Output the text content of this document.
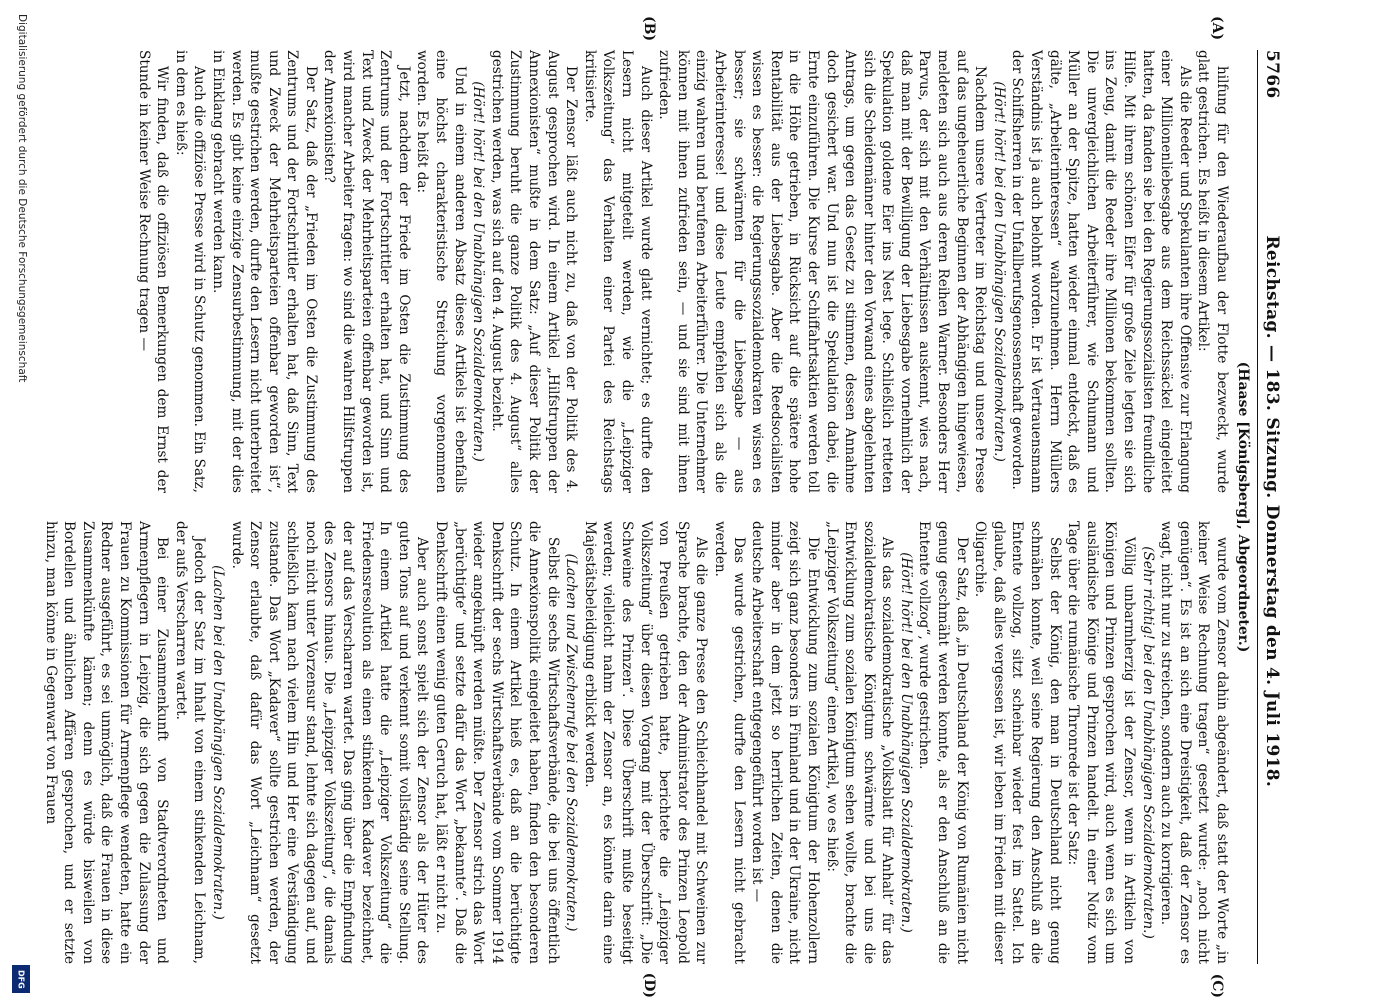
5766
Reichstag. — 183. Sitzung. Donnerstag den 4. Juli 1918.
(Haase [Königsberg], Abgeordneter.)
(A)
(B)
(C)
(D)

hilfung für den Wiederaufbau der Flotte bezweckt, wurde glatt gestrichen. Es heißt in diesem Artikel:

Als die Reeder und Spekulanten ihre Offensive zur Erlangung einer Millionenliebesgabe aus dem Reichssäckel eingeleitet hatten, da fanden sie bei den Regierungssozialisten freundliche Hilfe. Mit ihrem schönen Eifer für große Ziele legten sie sich ins Zeug, damit die Reeder ihre Millionen bekommen sollten. Die unvergleichlichen Arbeiterführer, wie Schumann und Müller an der Spitze, hatten wieder einmal entdeckt, daß es gälte, „Arbeiterinteressen“ wahrzunehmen. Herrn Müllers Verständnis ist ja auch belohnt worden. Er ist Vertrauensmann der Schiffsherren in der Unfallberufsgenossenschaft geworden.

(Hört! hört! bei den Unabhängigen Sozialdemokraten.)

Nachdem unsere Vertreter im Reichstag und unsere Presse auf das ungeheuerliche Beginnen der Abhängigen hingewiesen, meldeten sich auch aus deren Reihen Warner. Besonders Herr Parvus, der sich mit den Verhältnissen auskennt, wies nach, daß man mit der Bewilligung der Liebesgabe vornehmlich der Spekulation goldene Eier ins Nest lege. Schließlich retteten sich die Scheidemänner hinter den Vorwand eines abgelehnten Antrags, um gegen das Gesetz zu stimmen, dessen Annahme doch gesichert war. Und nun ist die Spekulation dabei, die Ernte einzuführen. Die Kurse der Schiffahrtsaktien werden toll in die Höhe getrieben, in Rücksicht auf die spätere hohe Rentabilität aus der Liebesgabe. Aber die Reedsocialisten wissen es besser: die Regierungssozialdemokraten wissen es besser; sie schwärmten für die Liebesgabe — aus Arbeiterinteresse! und diese Leute empfehlen sich als die einzig wahren und berufenen Arbeiterführer. Die Unternehmer können mit ihnen zufrieden sein, — und sie sind mit ihnen zufrieden.

Auch dieser Artikel wurde glatt vernichtet; es durfte den Lesern nicht mitgeteilt werden, wie die „Leipziger Volkszeitung“ das Verhalten einer Partei des Reichstags kritisierte.

Der Zensor läßt auch nicht zu, daß von der Politik des 4. August gesprochen wird. In einem Artikel „Hilfstruppen der Annexionisten“ mußte in dem Satz: „Auf dieser Politik der Zustimmung beruht die ganze Politik des 4. August“ alles gestrichen werden, was sich auf den 4. August bezieht.

(Hört! hört! bei den Unabhängigen Sozialdemokraten.)

Und in einem anderen Absatz dieses Artikels ist ebenfalls eine höchst charakteristische Streichung vorgenommen worden. Es heißt da:

Jetzt, nachdem der Friede im Osten die Zustimmung des Zentrums und der Fortschrittler erhalten hat, und Sinn und Text und Zweck der Mehrheitsparteien offenbar geworden ist, wird mancher Arbeiter fragen: wo sind die wahren Hilfstruppen der Annexionisten?

Der Satz, daß der „Frieden im Osten die Zustimmung des Zentrums und der Fortschrittler erhalten hat, daß Sinn, Text und Zweck der Mehrheitsparteien offenbar geworden ist“, mußte gestrichen werden, durfte den Lesern nicht unterbreitet werden. Es gibt keine einzige Zensurbestimmung, mit der dies in Einklang gebracht werden kann.

Auch die offiziöse Presse wird in Schutz genommen. Ein Satz, in dem es hieß:

Wir finden, daß die offiziösen Bemerkungen dem Ernst der Stunde in keiner Weise Rechnung tragen —

wurde vom Zensor dahin abgeändert, daß statt der Worte „in keiner Weise Rechnung tragen“ gesetzt wurde: „noch nicht genügen“. Es ist an sich eine Dreistigkeit, daß der Zensor es wagt, nicht nur zu streichen, sondern auch zu korrigieren.

(Sehr richtig! bei den Unabhängigen Sozialdemokraten.)

Völlig unbarmherzig ist der Zensor, wenn in Artikeln von Königen und Prinzen gesprochen wird, auch wenn es sich um ausländische Könige und Prinzen handelt. In einer Notiz vom Tage über die rumänische Thronrede ist der Satz:

Selbst der König, den man in Deutschland nicht genug schmähen konnte, weil seine Regierung den Anschluß an die Entente vollzog, sitzt scheinbar wieder fest im Sattel. Ich glaube, daß alles vergessen ist, wir leben im Frieden mit dieser Oligarchie.

Der Satz, daß „in Deutschland der König von Rumänien nicht genug geschmäht werden konnte, als er den Anschluß an die Entente vollzog“, wurde gestrichen.

(Hört! hört! bei den Unabhängigen Sozialdemokraten.)

Als das sozialdemokratische „Volksblatt für Anhalt“ für das sozialdemokratische Königtum schwärmte und bei uns die Entwicklung zum sozialen Königtum sehen wollte, brachte die „Leipziger Volkszeitung“ einen Artikel, wo es hieß:

Die Entwicklung zum sozialen Königtum der Hohenzollern zeigt sich ganz besonders in Finnland und in der Ukraine, nicht minder aber in dem jetzt so herrlichen Zeiten, denen die deutsche Arbeiterschaft entgegengeführt worden ist —

Das wurde gestrichen, durfte den Lesern nicht gebracht werden.

Als die ganze Presse den Schleichhandel mit Schweinen zur Sprache brachte, den der Administrator des Prinzen Leopold von Preußen getrieben hatte, berichtete die „Leipziger Volkszeitung“ über diesen Vorgang mit der Überschrift: „Die Schweine des Prinzen“. Diese Überschrift mußte beseitigt werden; vielleicht nahm der Zensor an, es könnte darin eine Majestätsbeleidigung erblickt werden.

(Lachen und Zwischenrufe bei den Sozialdemokraten.)

Selbst die sechs Wirtschaftsverbände, die bei uns öffentlich die Annexionspolitik eingeleitet haben, finden den besonderen Schutz. In einem Artikel hieß es, daß an die berüchtigte Denkschrift der sechs Wirtschaftsverbände vom Sommer 1914 wieder angeknüpft werden müßte. Der Zensor strich das Wort „berüchtigte“ und setzte dafür das Wort „bekannte“. Daß die Denkschrift einen wenig guten Geruch hat, läßt er nicht zu.

Aber auch sonst spielt sich der Zensor als der Hüter des guten Tons auf und verkennt somit vollständig seine Stellung. In einem Artikel hatte die „Leipziger Volkszeitung“ die Friedensresolution als einen stinkenden Kadaver bezeichnet, der auf das Verscharren wartet. Das ging über die Empfindung des Zensors hinaus. Die „Leipziger Volkszeitung“, die damals noch nicht unter Vorzensur stand, lehnte sich dagegen auf, und schließlich kam nach vielem Hin und Her eine Verständigung zustande. Das Wort „Kadaver“ sollte gestrichen werden, der Zensor erlaubte, daß dafür das Wort „Leichnam“ gesetzt wurde.

(Lachen bei den Unabhängigen Sozialdemokraten.)

Jedoch der Satz im Inhalt von einem stinkenden Leichnam, der aufs Verscharren wartet.

Bei einer Zusammenkunft von Stadtverordneten und Armenpflegern in Leipzig, die sich gegen die Zulassung der Frauen zu Kommissionen für Armenpflege wendeten, hatte ein Redner ausgeführt, es sei unmöglich, daß die Frauen in diese Zusammenkünfte kämen; denn es würde bisweilen von Bordellen und ähnlichen Affären gesprochen, und er setzte hinzu, man könne in Gegenwart von Frauen

Digitalisierung gefördert durch die Deutsche Forschungsgemeinschaft
DFG
